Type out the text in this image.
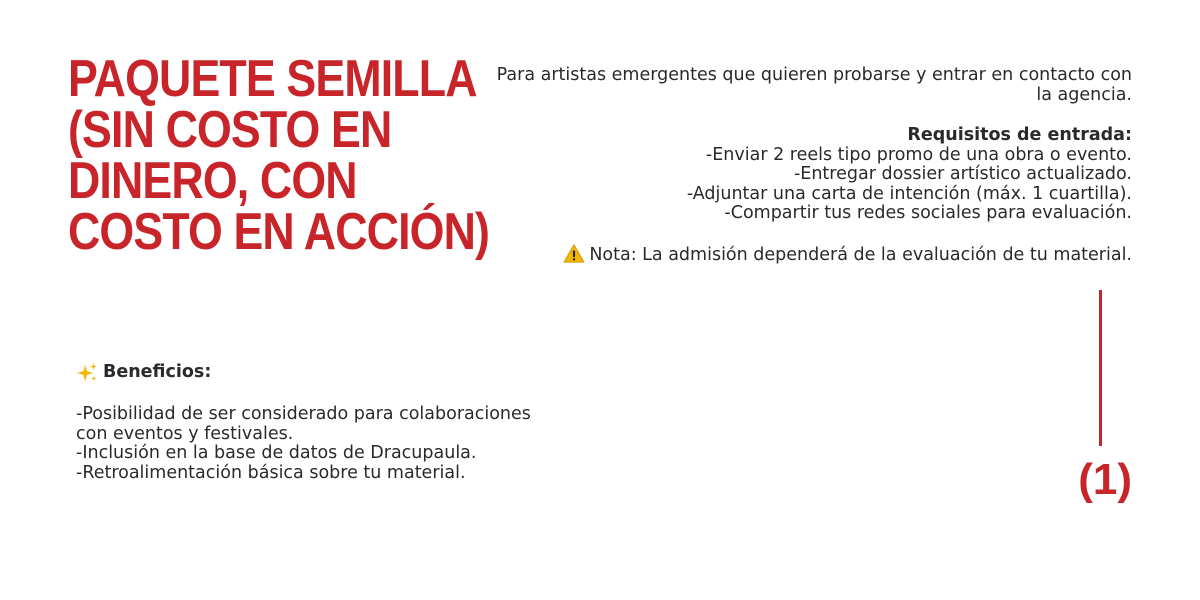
PAQUETE SEMILLA
(SIN COSTO EN
DINERO, CON
COSTO EN ACCIÓN)

Para artistas emergentes que quieren probarse y entrar en contacto con la agencia.

Requisitos de entrada:

-Enviar 2 reels tipo promo de una obra o evento.
-Entregar dossier artístico actualizado.
-Adjuntar una carta de intención (máx. 1 cuartilla).
-Compartir tus redes sociales para evaluación.

Nota: La admisión dependerá de la evaluación de tu material.

(1)

Beneficios:

-Posibilidad de ser considerado para colaboraciones con eventos y festivales.
-Inclusión en la base de datos de Dracupaula.
-Retroalimentación básica sobre tu material.
